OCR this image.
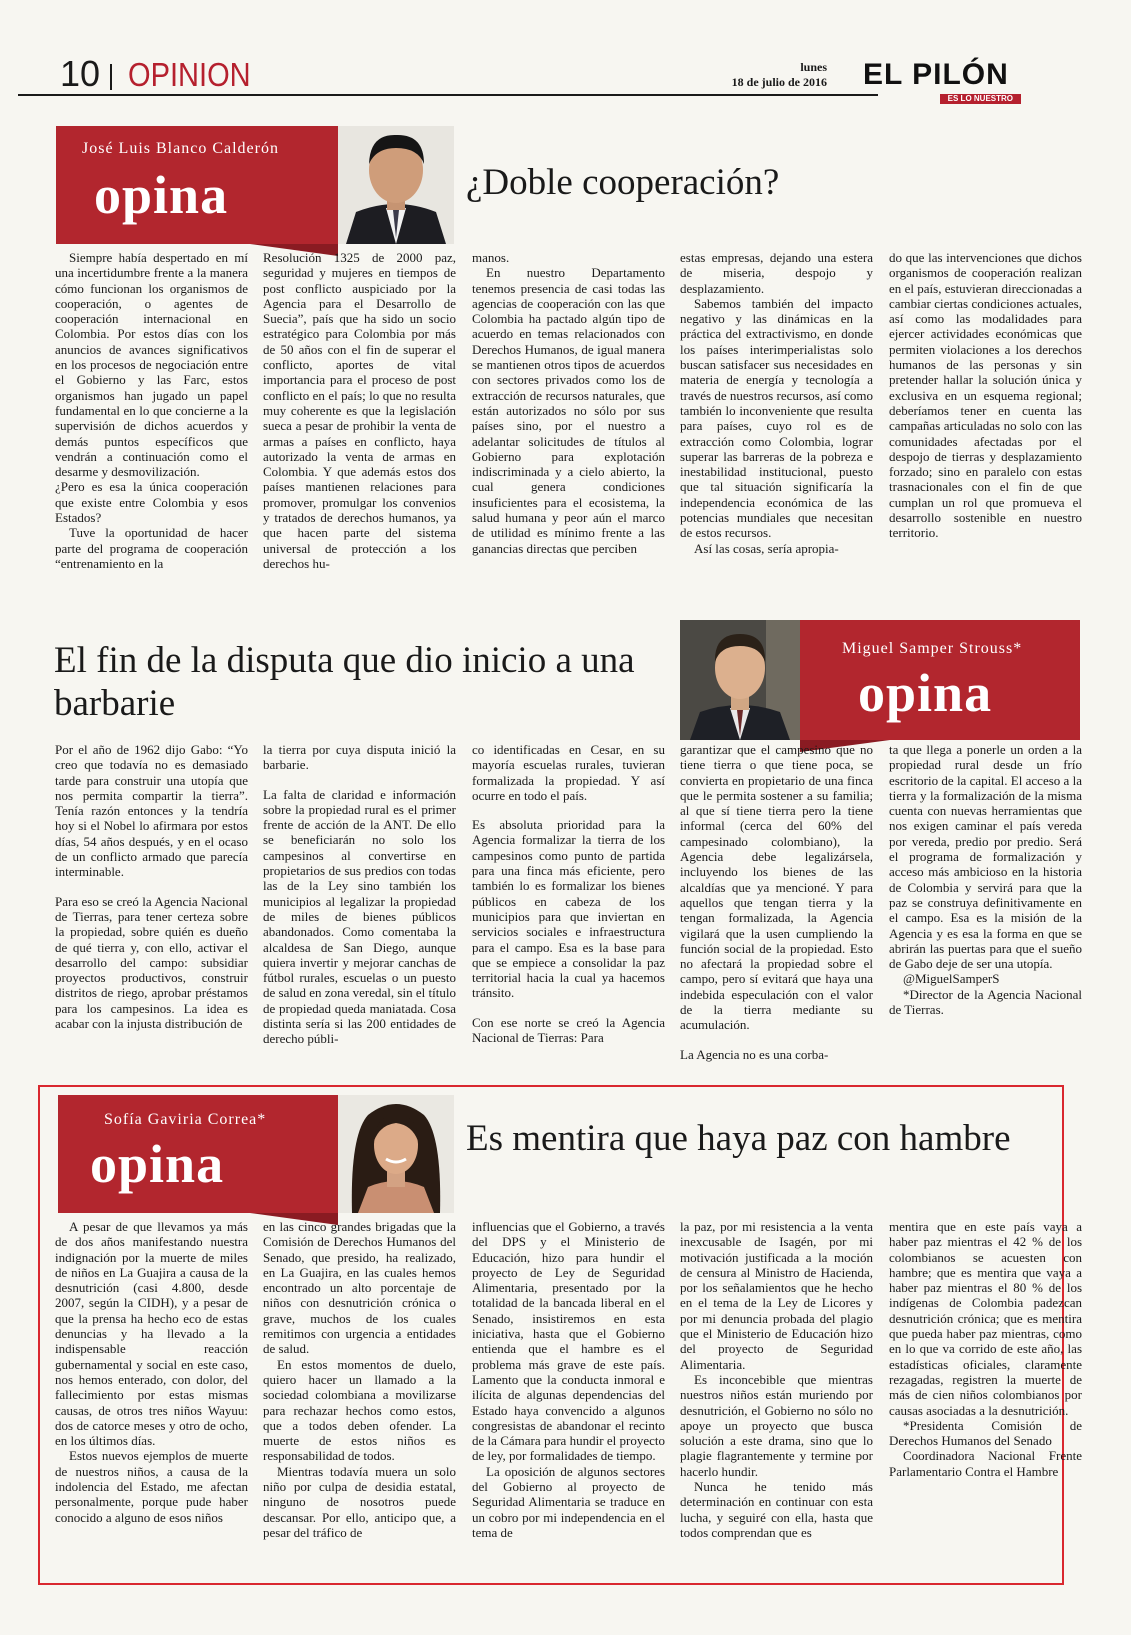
10 OPINION	lunes
18 de julio de 2016 EL PILÓN
ES LO NUESTRO
José Luis Blanco Calderón
opina	¿Doble cooperación?

Siempre había despertado en mí una incertidumbre frente a la manera cómo funcionan los organismos de cooperación, o agentes de cooperación internacional en Colombia. Por estos días con los anuncios de avances significativos en los procesos de negociación entre el Gobierno y las Farc, estos organismos han jugado un papel fundamental en lo que concierne a la supervisión de dichos acuerdos y demás puntos específicos que vendrán a continuación como el desarme y desmovilización.

¿Pero es esa la única cooperación que existe entre Colombia y esos Estados?

Tuve la oportunidad de hacer parte del programa de cooperación “entrenamiento en la

Resolución 1325 de 2000 paz, seguridad y mujeres en tiempos de post conflicto auspiciado por la Agencia para el Desarrollo de Suecia”, país que ha sido un socio estratégico para Colombia por más de 50 años con el fin de superar el conflicto, aportes de vital importancia para el proceso de post conflicto en el país; lo que no resulta muy coherente es que la legislación sueca a pesar de prohibir la venta de armas a países en conflicto, haya autorizado la venta de armas en Colombia. Y que además estos dos países mantienen relaciones para promover, promulgar los convenios y tratados de derechos humanos, ya que hacen parte del sistema universal de protección a los derechos hu-

manos.

En nuestro Departamento tenemos presencia de casi todas las agencias de cooperación con las que Colombia ha pactado algún tipo de acuerdo en temas relacionados con Derechos Humanos, de igual manera se mantienen otros tipos de acuerdos con sectores privados como los de extracción de recursos naturales, que están autorizados no sólo por sus países sino, por el nuestro a adelantar solicitudes de títulos al Gobierno para explotación indiscriminada y a cielo abierto, la cual genera condiciones insuficientes para el ecosistema, la salud humana y peor aún el marco de utilidad es mínimo frente a las ganancias directas que perciben

estas empresas, dejando una estera de miseria, despojo y desplazamiento.

Sabemos también del impacto negativo y las dinámicas en la práctica del extractivismo, en donde los países interimperialistas solo buscan satisfacer sus necesidades en materia de energía y tecnología a través de nuestros recursos, así como también lo inconveniente que resulta para países, cuyo rol es de extracción como Colombia, lograr superar las barreras de la pobreza e inestabilidad institucional, puesto que tal situación significaría la independencia económica de las potencias mundiales que necesitan de estos recursos.

Así las cosas, sería apropia-

do que las intervenciones que dichos organismos de cooperación realizan en el país, estuvieran direccionadas a cambiar ciertas condiciones actuales, así como las modalidades para ejercer actividades económicas que permiten violaciones a los derechos humanos de las personas y sin pretender hallar la solución única y exclusiva en un esquema regional; deberíamos tener en cuenta las campañas articuladas no solo con las comunidades afectadas por el despojo de tierras y desplazamiento forzado; sino en paralelo con estas trasnacionales con el fin de que cumplan un rol que promueva el desarrollo sostenible en nuestro territorio.

El fin de la disputa que dio inicio a una barbarie
Miguel Samper Strouss*
opina

Por el año de 1962 dijo Gabo: “Yo creo que todavía no es demasiado tarde para construir una utopía que nos permita compartir la tierra”. Tenía razón entonces y la tendría hoy si el Nobel lo afirmara por estos días, 54 años después, y en el ocaso de un conflicto armado que parecía interminable.

Para eso se creó la Agencia Nacional de Tierras, para tener certeza sobre la propiedad, sobre quién es dueño de qué tierra y, con ello, activar el desarrollo del campo: subsidiar proyectos productivos, construir distritos de riego, aprobar préstamos para los campesinos. La idea es acabar con la injusta distribución de

la tierra por cuya disputa inició la barbarie.

La falta de claridad e información sobre la propiedad rural es el primer frente de acción de la ANT. De ello se beneficiarán no solo los campesinos al convertirse en propietarios de sus predios con todas las de la Ley sino también los municipios al legalizar la propiedad de miles de bienes públicos abandonados. Como comentaba la alcaldesa de San Diego, aunque quiera invertir y mejorar canchas de fútbol rurales, escuelas o un puesto de salud en zona veredal, sin el título de propiedad queda maniatada. Cosa distinta sería si las 200 entidades de derecho públi-

co identificadas en Cesar, en su mayoría escuelas rurales, tuvieran formalizada la propiedad. Y así ocurre en todo el país.

Es absoluta prioridad para la Agencia formalizar la tierra de los campesinos como punto de partida para una finca más eficiente, pero también lo es formalizar los bienes públicos en cabeza de los municipios para que inviertan en servicios sociales e infraestructura para el campo. Esa es la base para que se empiece a consolidar la paz territorial hacia la cual ya hacemos tránsito.

Con ese norte se creó la Agencia Nacional de Tierras: Para

garantizar que el campesino que no tiene tierra o que tiene poca, se convierta en propietario de una finca que le permita sostener a su familia; al que sí tiene tierra pero la tiene informal (cerca del 60% del campesinado colombiano), la Agencia debe legalizársela, incluyendo los bienes de las alcaldías que ya mencioné. Y para aquellos que tengan tierra y la tengan formalizada, la Agencia vigilará que la usen cumpliendo la función social de la propiedad. Esto no afectará la propiedad sobre el campo, pero sí evitará que haya una indebida especulación con el valor de la tierra mediante su acumulación.

La Agencia no es una corba-

ta que llega a ponerle un orden a la propiedad rural desde un frío escritorio de la capital. El acceso a la tierra y la formalización de la misma cuenta con nuevas herramientas que nos exigen caminar el país vereda por vereda, predio por predio. Será el programa de formalización y acceso más ambicioso en la historia de Colombia y servirá para que la paz se construya definitivamente en el campo. Esa es la misión de la Agencia y es esa la forma en que se abrirán las puertas para que el sueño de Gabo deje de ser una utopía.

@MiguelSamperS

*Director de la Agencia Nacional de Tierras.

Sofía Gaviria Correa*
opina	Es mentira que haya paz con hambre

A pesar de que llevamos ya más de dos años manifestando nuestra indignación por la muerte de miles de niños en La Guajira a causa de la desnutrición (casi 4.800, desde 2007, según la CIDH), y a pesar de que la prensa ha hecho eco de estas denuncias y ha llevado a la indispensable reacción gubernamental y social en este caso, nos hemos enterado, con dolor, del fallecimiento por estas mismas causas, de otros tres niños Wayuu: dos de catorce meses y otro de ocho, en los últimos días.

Estos nuevos ejemplos de muerte de nuestros niños, a causa de la indolencia del Estado, me afectan personalmente, porque pude haber conocido a alguno de esos niños

en las cinco grandes brigadas que la Comisión de Derechos Humanos del Senado, que presido, ha realizado, en La Guajira, en las cuales hemos encontrado un alto porcentaje de niños con desnutrición crónica o grave, muchos de los cuales remitimos con urgencia a entidades de salud.

En estos momentos de duelo, quiero hacer un llamado a la sociedad colombiana a movilizarse para rechazar hechos como estos, que a todos deben ofender. La muerte de estos niños es responsabilidad de todos.

Mientras todavía muera un solo niño por culpa de desidia estatal, ninguno de nosotros puede descansar. Por ello, anticipo que, a pesar del tráfico de

influencias que el Gobierno, a través del DPS y el Ministerio de Educación, hizo para hundir el proyecto de Ley de Seguridad Alimentaria, presentado por la totalidad de la bancada liberal en el Senado, insistiremos en esta iniciativa, hasta que el Gobierno entienda que el hambre es el problema más grave de este país. Lamento que la conducta inmoral e ilícita de algunas dependencias del Estado haya convencido a algunos congresistas de abandonar el recinto de la Cámara para hundir el proyecto de ley, por formalidades de tiempo.

La oposición de algunos sectores del Gobierno al proyecto de Seguridad Alimentaria se traduce en un cobro por mi independencia en el tema de

la paz, por mi resistencia a la venta inexcusable de Isagén, por mi motivación justificada a la moción de censura al Ministro de Hacienda, por los señalamientos que he hecho en el tema de la Ley de Licores y por mi denuncia probada del plagio que el Ministerio de Educación hizo del proyecto de Seguridad Alimentaria.

Es inconcebible que mientras nuestros niños están muriendo por desnutrición, el Gobierno no sólo no apoye un proyecto que busca solución a este drama, sino que lo plagie flagrantemente y termine por hacerlo hundir.

Nunca he tenido más determinación en continuar con esta lucha, y seguiré con ella, hasta que todos comprendan que es

mentira que en este país vaya a haber paz mientras el 42 % de los colombianos se acuesten con hambre; que es mentira que vaya a haber paz mientras el 80 % de los indígenas de Colombia padezcan desnutrición crónica; que es mentira que pueda haber paz mientras, como en lo que va corrido de este año, las estadísticas oficiales, claramente rezagadas, registren la muerte de más de cien niños colombianos por causas asociadas a la desnutrición.

*Presidenta Comisión de Derechos Humanos del Senado

Coordinadora Nacional Frente Parlamentario Contra el Hambre
